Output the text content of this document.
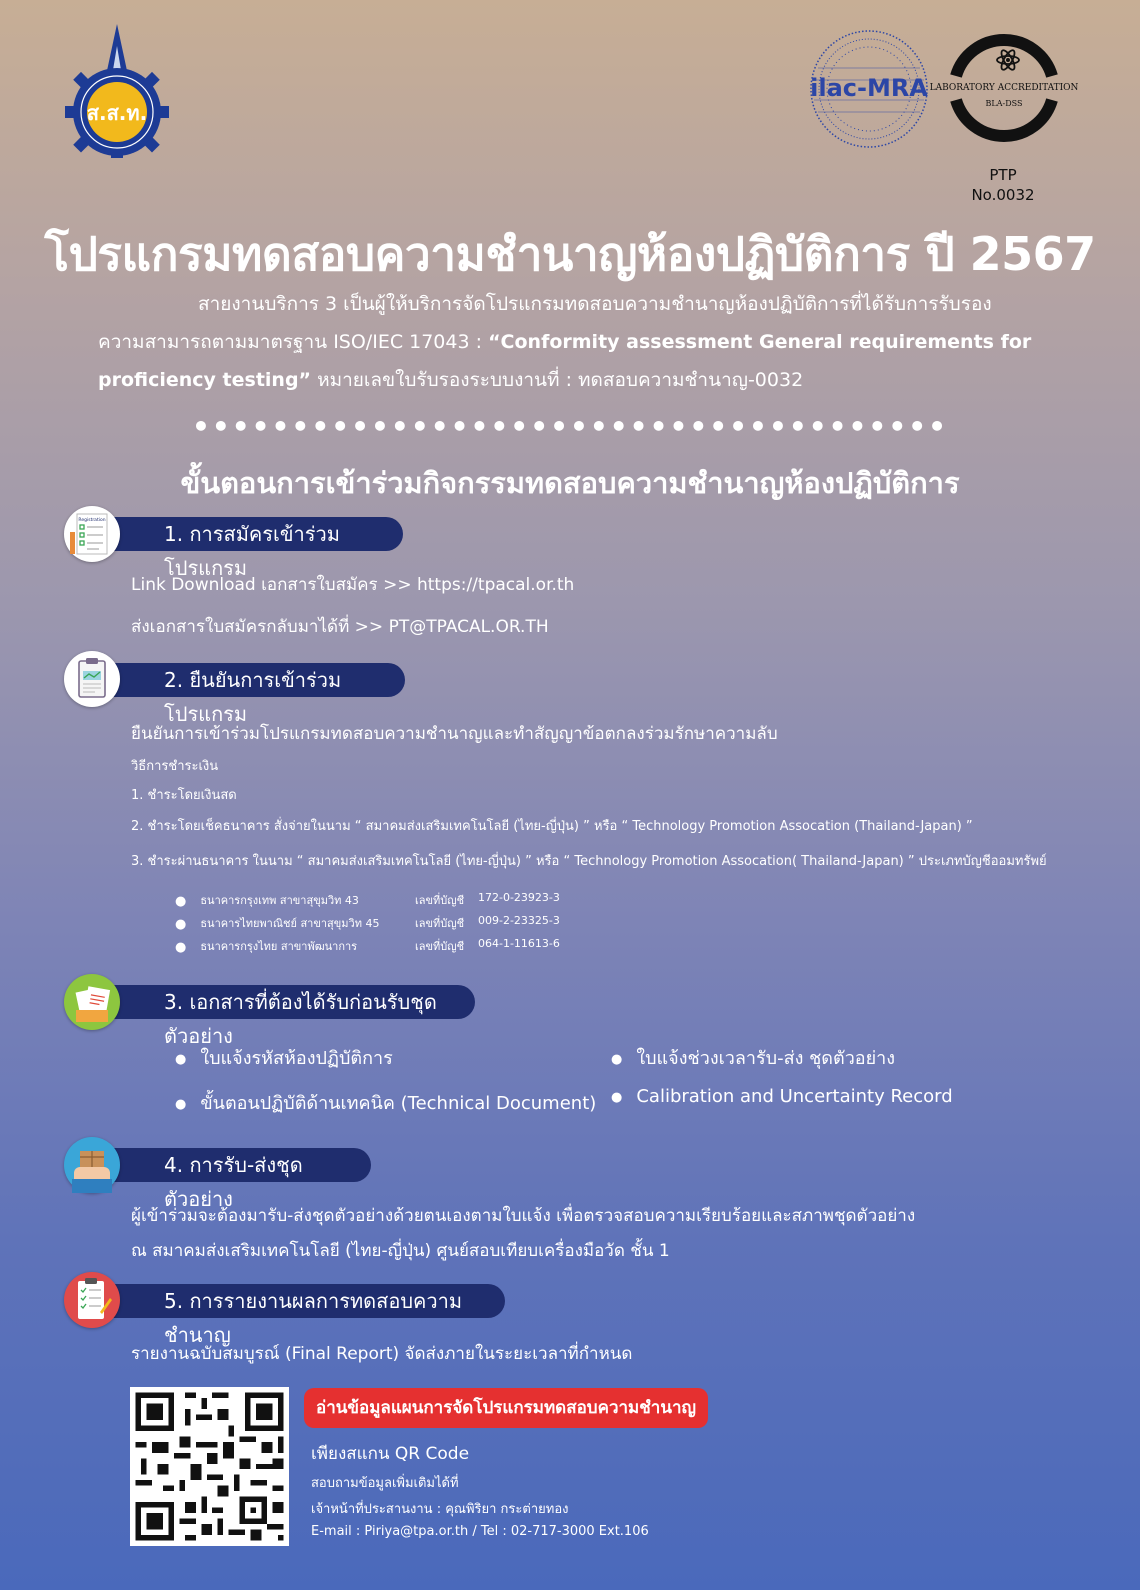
ส.ส.ท.
ilac-MRA LABORATORY ACCREDITATION
BLA-DSS
PTP
No.0032
โปรแกรมทดสอบความชำนาญห้องปฏิบัติการ ปี 2567

สายงานบริการ 3 เป็นผู้ให้บริการจัดโปรแกรมทดสอบความชำนาญห้องปฏิบัติการที่ได้รับการรับรอง

ความสามารถตามมาตรฐาน ISO/IEC 17043 : “Conformity assessment General requirements for

proficiency testing” หมายเลขใบรับรองระบบงานที่ : ทดสอบความชำนาญ-0032

••••••••••••••••••••••••••••••••••••••
ขั้นตอนการเข้าร่วมกิจกรรมทดสอบความชำนาญห้องปฏิบัติการ
1. การสมัครเข้าร่วมโปรแกรม
Registration
Link Download เอกสารใบสมัคร >> https://tpacal.or.th
ส่งเอกสารใบสมัครกลับมาได้ที่ >> PT@TPACAL.OR.TH
2. ยืนยันการเข้าร่วมโปรแกรม
ยืนยันการเข้าร่วมโปรแกรมทดสอบความชำนาญและทำสัญญาข้อตกลงร่วมรักษาความลับ
วิธีการชำระเงิน
1. ชำระโดยเงินสด
2. ชำระโดยเช็คธนาคาร สั่งจ่ายในนาม “ สมาคมส่งเสริมเทคโนโลยี (ไทย-ญี่ปุ่น) ” หรือ “ Technology Promotion Assocation (Thailand-Japan) ”
3. ชำระผ่านธนาคาร ในนาม “ สมาคมส่งเสริมเทคโนโลยี (ไทย-ญี่ปุ่น) ” หรือ “ Technology Promotion Assocation( Thailand-Japan) ” ประเภทบัญชีออมทรัพย์
● ธนาคารกรุงเทพ สาขาสุขุมวิท 43	เลขที่บัญชี 172-0-23923-3
● ธนาคารไทยพาณิชย์ สาขาสุขุมวิท 45	เลขที่บัญชี 009-2-23325-3
● ธนาคารกรุงไทย สาขาพัฒนาการ	เลขที่บัญชี 064-1-11613-6
3. เอกสารที่ต้องได้รับก่อนรับชุดตัวอย่าง
● ใบแจ้งรหัสห้องปฏิบัติการ	● ใบแจ้งช่วงเวลารับ-ส่ง ชุดตัวอย่าง
● ขั้นตอนปฏิบัติด้านเทคนิค (Technical Document)	● Calibration and Uncertainty Record
4. การรับ-ส่งชุดตัวอย่าง
ผู้เข้าร่วมจะต้องมารับ-ส่งชุดตัวอย่างด้วยตนเองตามใบแจ้ง เพื่อตรวจสอบความเรียบร้อยและสภาพชุดตัวอย่าง
ณ สมาคมส่งเสริมเทคโนโลยี (ไทย-ญี่ปุ่น) ศูนย์สอบเทียบเครื่องมือวัด ชั้น 1
5. การรายงานผลการทดสอบความชำนาญ
รายงานฉบับสมบูรณ์ (Final Report) จัดส่งภายในระยะเวลาที่กำหนด
อ่านข้อมูลแผนการจัดโปรแกรมทดสอบความชำนาญ
เพียงสแกน QR Code
สอบถามข้อมูลเพิ่มเติมได้ที่
เจ้าหน้าที่ประสานงาน : คุณพิริยา กระต่ายทอง
E-mail : Piriya@tpa.or.th / Tel : 02-717-3000 Ext.106
